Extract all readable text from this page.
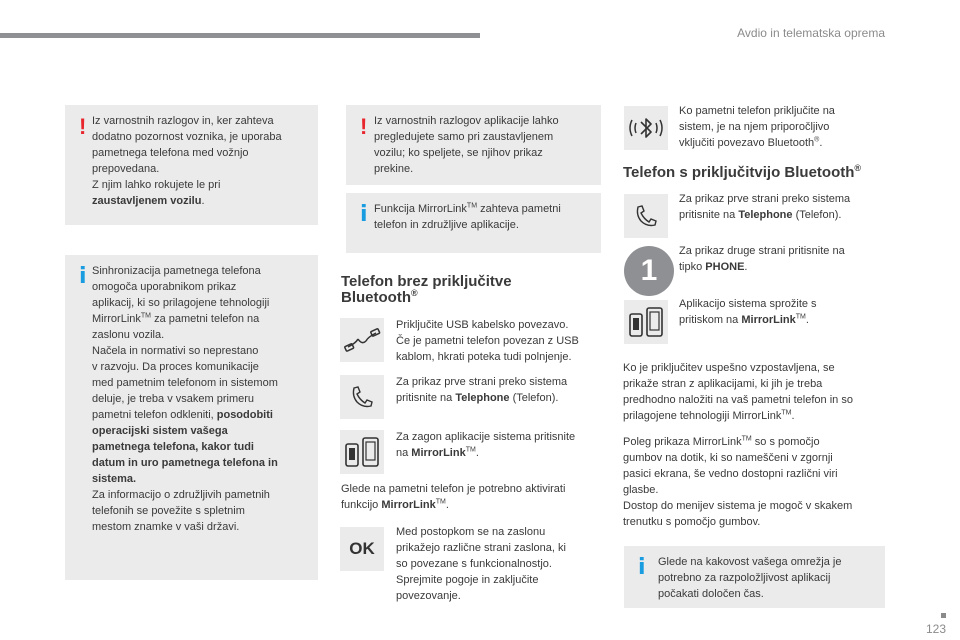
Avdio in telematska oprema
! Iz varnostnih razlogov in, ker zahteva
dodatno pozornost voznika, je uporaba
pametnega telefona med vožnjo
prepovedana.
Z njim lahko rokujete le pri
zaustavljenem vozilu.
i Sinhronizacija pametnega telefona
omogoča uporabnikom prikaz
aplikacij, ki so prilagojene tehnologiji
MirrorLink™ za pametni telefon na
zaslonu vozila.
Načela in normativi so neprestano
v razvoju. Da proces komunikacije
med pametnim telefonom in sistemom
deluje, je treba v vsakem primeru
pametni telefon odkleniti, posodobiti
operacijski sistem vašega
pametnega telefona, kakor tudi
datum in uro pametnega telefona in
sistema.
Za informacijo o združljivih pametnih
telefonih se povežite s spletnim
mestom znamke v vaši državi.
! Iz varnostnih razlogov aplikacije lahko
pregledujete samo pri zaustavljenem
vozilu; ko speljete, se njihov prikaz
prekine.
i Funkcija MirrorLink™ zahteva pametni
telefon in združljive aplikacije.
Telefon brez priključitve
Bluetooth®
Priključite USB kabelsko povezavo.
Če je pametni telefon povezan z USB
kablom, hkrati poteka tudi polnjenje.
Za prikaz prve strani preko sistema
pritisnite na Telephone (Telefon).
Za zagon aplikacije sistema pritisnite
na MirrorLink™.
Glede na pametni telefon je potrebno aktivirati
funkcijo MirrorLink™.
OK
Med postopkom se na zaslonu
prikažejo različne strani zaslona, ki
so povezane s funkcionalnostjo.
Sprejmite pogoje in zaključite
povezovanje.
Ko pametni telefon priključite na
sistem, je na njem priporočljivo
vključiti povezavo Bluetooth®.
Telefon s priključitvijo Bluetooth®
Za prikaz prve strani preko sistema
pritisnite na Telephone (Telefon).
1
Za prikaz druge strani pritisnite na
tipko PHONE.
Aplikacijo sistema sprožite s
pritiskom na MirrorLink™.
Ko je priključitev uspešno vzpostavljena, se
prikaže stran z aplikacijami, ki jih je treba
predhodno naložiti na vaš pametni telefon in so
prilagojene tehnologiji MirrorLink™.
Poleg prikaza MirrorLink™ so s pomočjo
gumbov na dotik, ki so nameščeni v zgornji
pasici ekrana, še vedno dostopni različni viri
glasbe.
Dostop do menijev sistema je mogoč v skakem
trenutku s pomočjo gumbov.
i Glede na kakovost vašega omrežja je
potrebno za razpoložljivost aplikacij
počakati določen čas.
123
